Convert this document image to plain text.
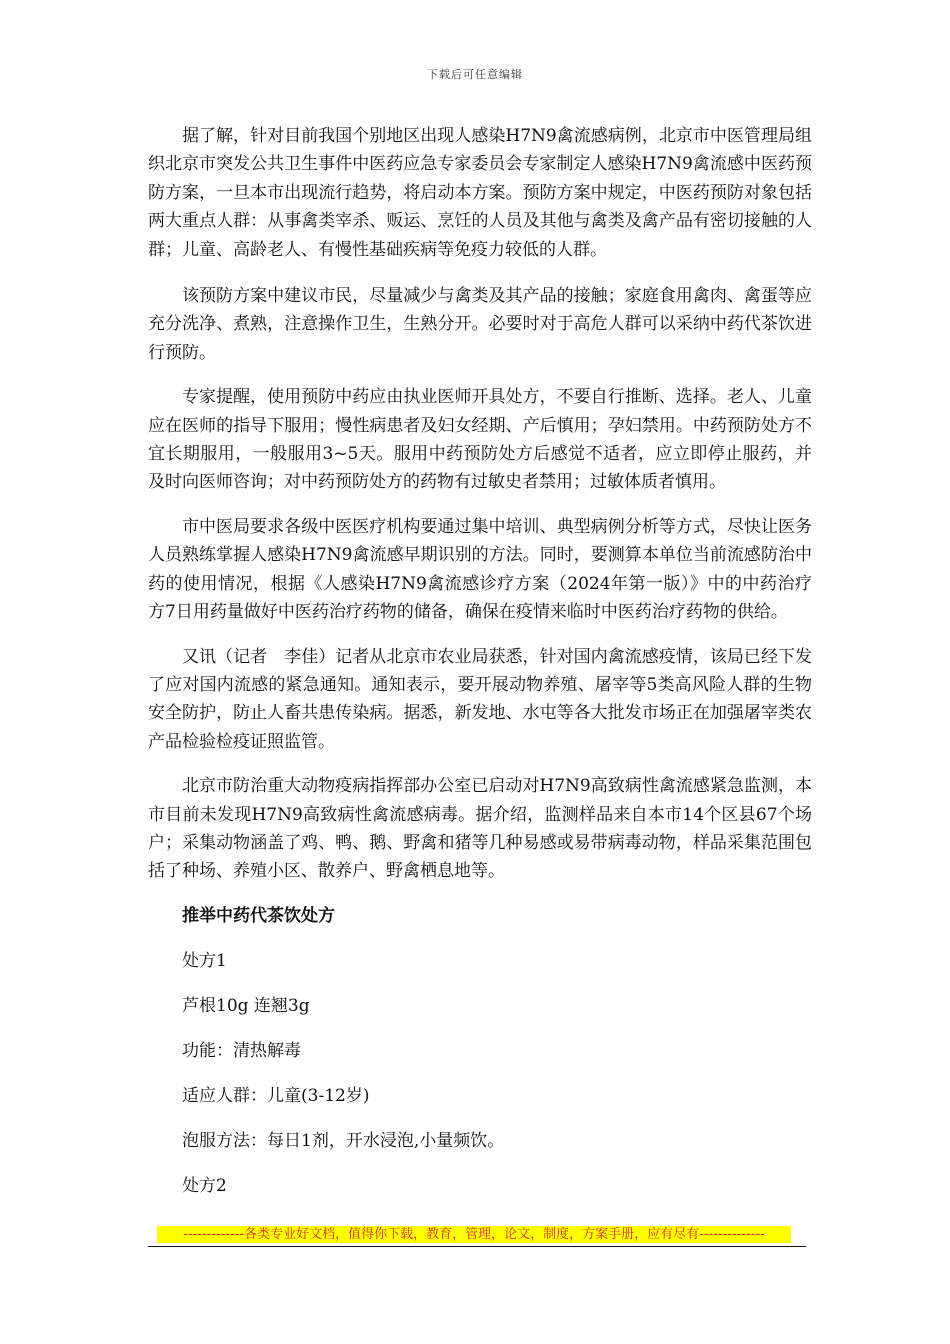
下载后可任意编辑

据了解，针对目前我国个别地区出现人感染H7N9禽流感病例，北京市中医管理局组织北京市突发公共卫生事件中医药应急专家委员会专家制定人感染H7N9禽流感中医药预防方案，一旦本市出现流行趋势，将启动本方案。预防方案中规定，中医药预防对象包括两大重点人群：从事禽类宰杀、贩运、烹饪的人员及其他与禽类及禽产品有密切接触的人群；儿童、高龄老人、有慢性基础疾病等免疫力较低的人群。

该预防方案中建议市民，尽量减少与禽类及其产品的接触；家庭食用禽肉、禽蛋等应充分洗净、煮熟，注意操作卫生，生熟分开。必要时对于高危人群可以采纳中药代茶饮进行预防。

专家提醒，使用预防中药应由执业医师开具处方，不要自行推断、选择。老人、儿童应在医师的指导下服用；慢性病患者及妇女经期、产后慎用；孕妇禁用。中药预防处方不宜长期服用，一般服用3~5天。服用中药预防处方后感觉不适者，应立即停止服药，并及时向医师咨询；对中药预防处方的药物有过敏史者禁用；过敏体质者慎用。

市中医局要求各级中医医疗机构要通过集中培训、典型病例分析等方式，尽快让医务人员熟练掌握人感染H7N9禽流感早期识别的方法。同时，要测算本单位当前流感防治中药的使用情况，根据《人感染H7N9禽流感诊疗方案（2024年第一版）》中的中药治疗方7日用药量做好中医药治疗药物的储备，确保在疫情来临时中医药治疗药物的供给。

又讯（记者　李佳）记者从北京市农业局获悉，针对国内禽流感疫情，该局已经下发了应对国内流感的紧急通知。通知表示，要开展动物养殖、屠宰等5类高风险人群的生物安全防护，防止人畜共患传染病。据悉，新发地、水屯等各大批发市场正在加强屠宰类农产品检验检疫证照监管。

北京市防治重大动物疫病指挥部办公室已启动对H7N9高致病性禽流感紧急监测，本市目前未发现H7N9高致病性禽流感病毒。据介绍，监测样品来自本市14个区县67个场户；采集动物涵盖了鸡、鸭、鹅、野禽和猪等几种易感或易带病毒动物，样品采集范围包括了种场、养殖小区、散养户、野禽栖息地等。

推举中药代茶饮处方
处方1
芦根10g 连翘3g
功能：清热解毒
适应人群：儿童(3-12岁)
泡服方法：每日1剂，开水浸泡,小量频饮。
处方2
-------------各类专业好文档，值得你下载，教育，管理，论文，制度，方案手册，应有尽有--------------
